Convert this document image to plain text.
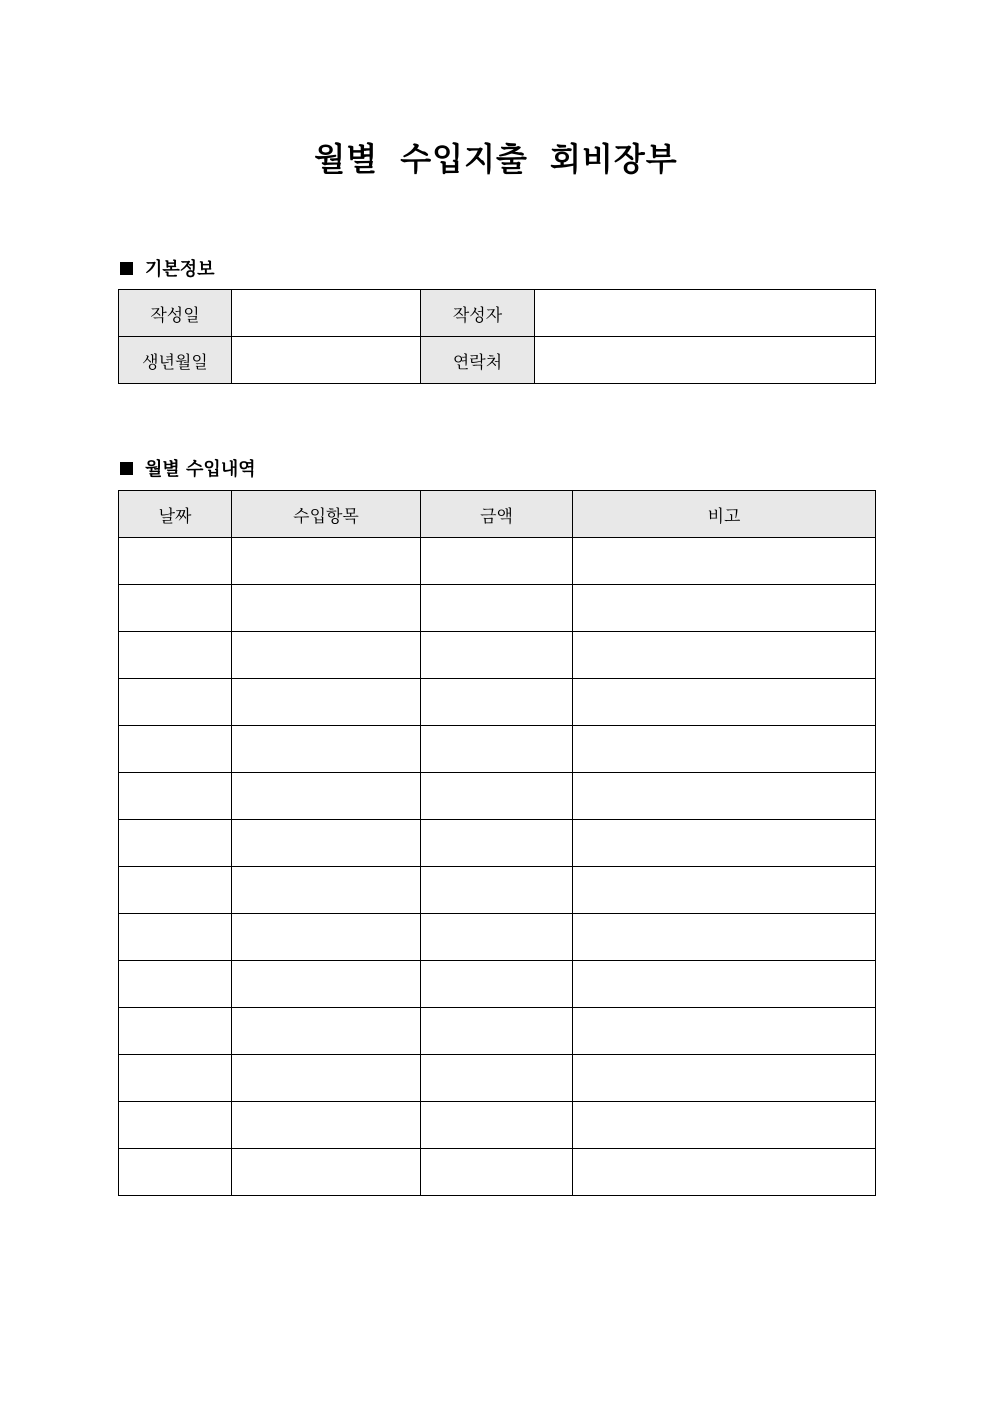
월별 수입지출 회비장부
기본정보
작성일		작성자	
생년월일		연락처	
월별 수입내역
날짜	수입항목	금액	비고
